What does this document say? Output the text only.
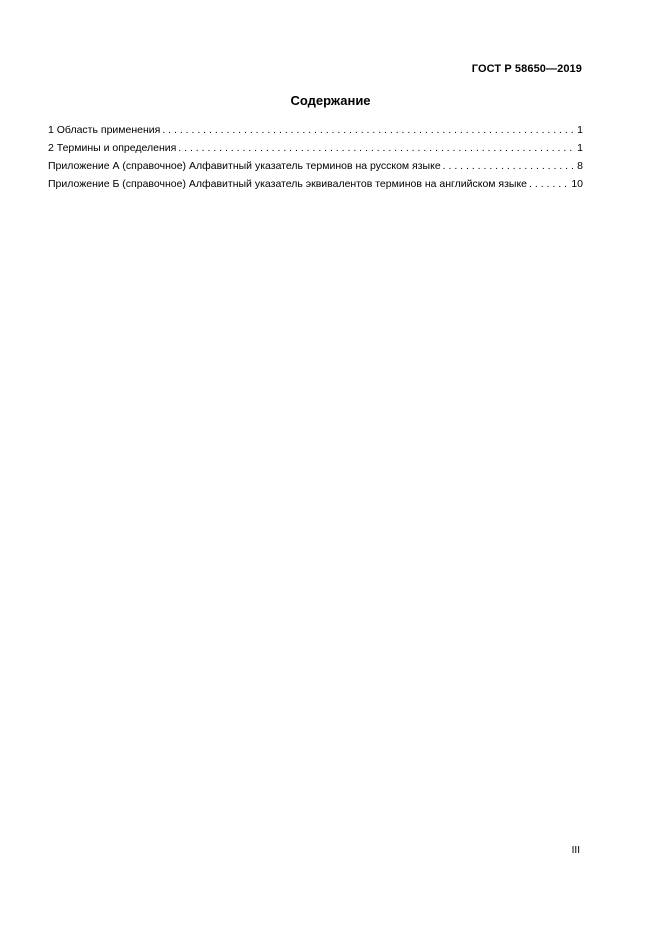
ГОСТ Р 58650—2019
Содержание
1 Область применения . . .	1
2 Термины и определения . . .	1
Приложение А (справочное) Алфавитный указатель терминов на русском языке . . .	8
Приложение Б (справочное) Алфавитный указатель эквивалентов терминов на английском языке . . .	10
III
